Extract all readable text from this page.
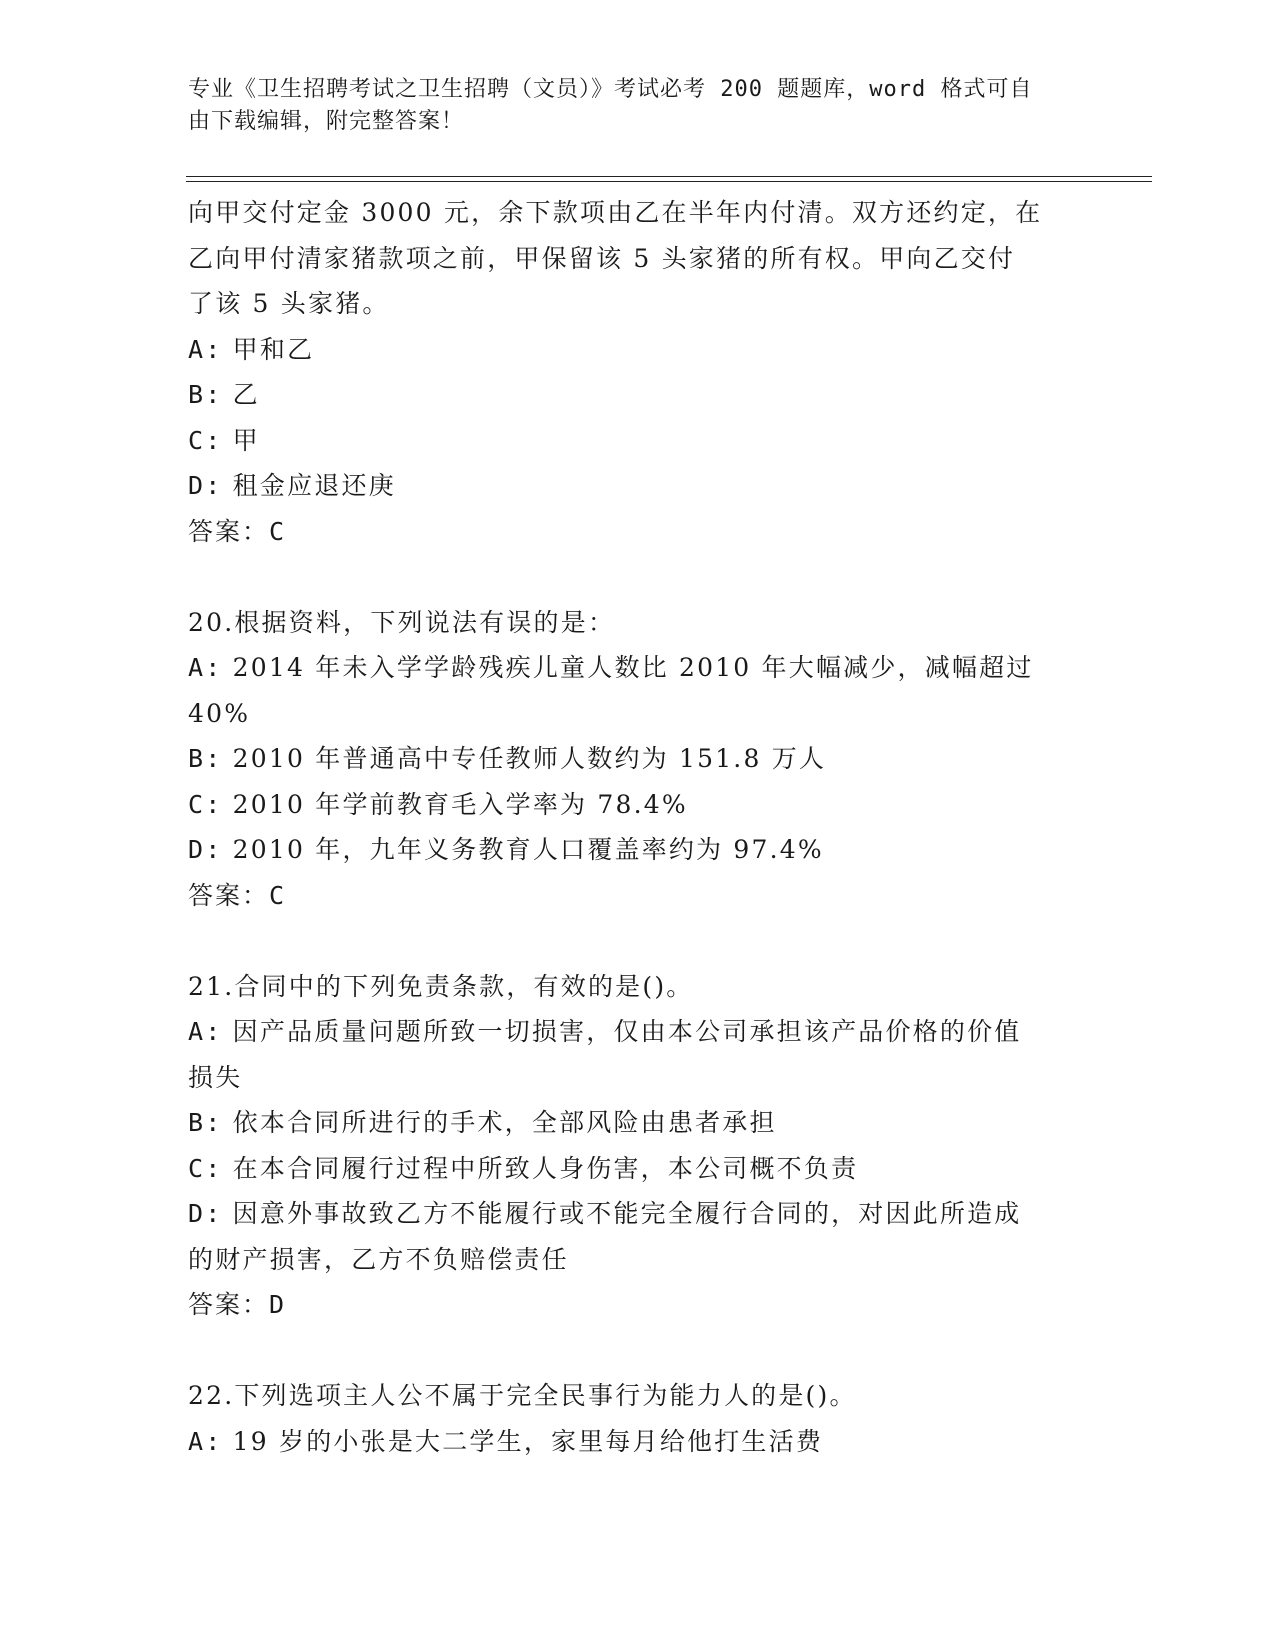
专业《卫生招聘考试之卫生招聘（文员）》考试必考 200 题题库，word 格式可自
由下载编辑，附完整答案！
向甲交付定金 3000 元，余下款项由乙在半年内付清。双方还约定，在
乙向甲付清家猪款项之前，甲保留该 5 头家猪的所有权。甲向乙交付
了该 5 头家猪。
A: 甲和乙
B: 乙
C: 甲
D: 租金应退还庚
答案：C
20.根据资料，下列说法有误的是：
A: 2014 年未入学学龄残疾儿童人数比 2010 年大幅减少，减幅超过
40%
B: 2010 年普通高中专任教师人数约为 151.8 万人
C: 2010 年学前教育毛入学率为 78.4%
D: 2010 年，九年义务教育人口覆盖率约为 97.4%
答案：C
21.合同中的下列免责条款，有效的是()。
A: 因产品质量问题所致一切损害，仅由本公司承担该产品价格的价值
损失
B: 依本合同所进行的手术，全部风险由患者承担
C: 在本合同履行过程中所致人身伤害，本公司概不负责
D: 因意外事故致乙方不能履行或不能完全履行合同的，对因此所造成
的财产损害，乙方不负赔偿责任
答案：D
22.下列选项主人公不属于完全民事行为能力人的是()。
A: 19 岁的小张是大二学生，家里每月给他打生活费
